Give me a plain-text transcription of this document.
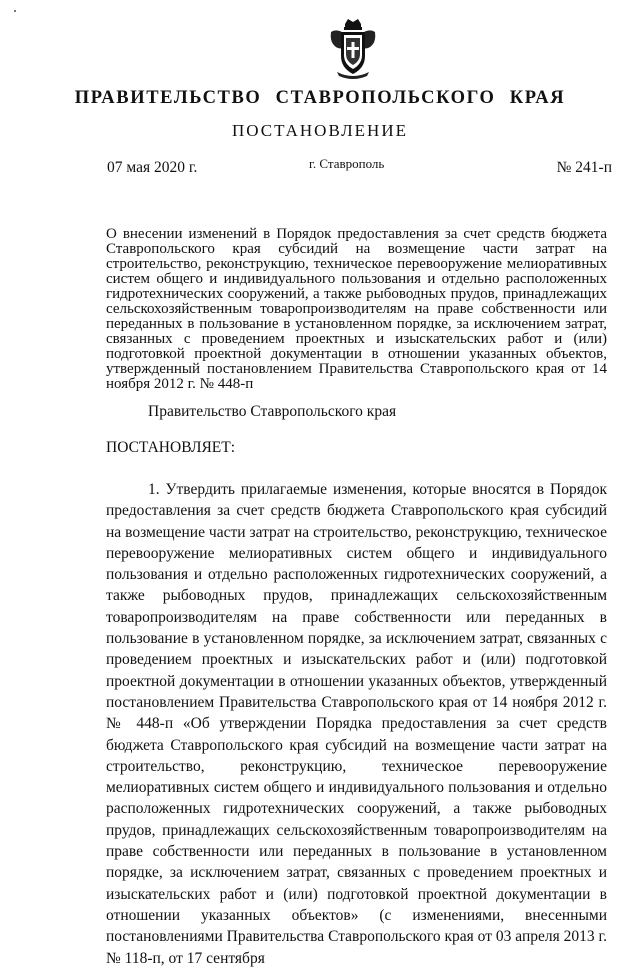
ПРАВИТЕЛЬСТВО СТАВРОПОЛЬСКОГО КРАЯ
ПОСТАНОВЛЕНИЕ
07 мая 2020 г.	г. Ставрополь	№ 241-п
О внесении изменений в Порядок предоставления за счет средств бюджета Ставропольского края субсидий на возмещение части затрат на строительство, реконструкцию, техническое перевооружение мелиоративных систем общего и индивидуального пользования и отдельно расположенных гидротехнических сооружений, а также рыбоводных прудов, принадлежащих сельскохозяйственным товаропроизводителям на праве собственности или переданных в пользование в установленном порядке, за исключением затрат, связанных с проведением проектных и изыскательских работ и (или) подготовкой проектной документации в отношении указанных объектов, утвержденный постановлением Правительства Ставропольского края от 14 ноября 2012 г. № 448-п
Правительство Ставропольского края
ПОСТАНОВЛЯЕТ:
1. Утвердить прилагаемые изменения, которые вносятся в Порядок предоставления за счет средств бюджета Ставропольского края субсидий на возмещение части затрат на строительство, реконструкцию, техническое перевооружение мелиоративных систем общего и индивидуального пользования и отдельно расположенных гидротехнических сооружений, а также рыбоводных прудов, принадлежащих сельскохозяйственным товаропроизводителям на праве собственности или переданных в пользование в установленном порядке, за исключением затрат, связанных с проведением проектных и изыскательских работ и (или) подготовкой проектной документации в отношении указанных объектов, утвержденный постановлением Правительства Ставропольского края от 14 ноября 2012 г. № 448-п «Об утверждении Порядка предоставления за счет средств бюджета Ставропольского края субсидий на возмещение части затрат на строительство, реконструкцию, техническое перевооружение мелиоративных систем общего и индивидуального пользования и отдельно расположенных гидротехнических сооружений, а также рыбоводных прудов, принадлежащих сельскохозяйственным товаропроизводителям на праве собственности или переданных в пользование в установленном порядке, за исключением затрат, связанных с проведением проектных и изыскательских работ и (или) подготовкой проектной документации в отношении указанных объектов» (с изменениями, внесенными постановлениями Правительства Ставропольского края от 03 апреля 2013 г. № 118-п, от 17 сентября
